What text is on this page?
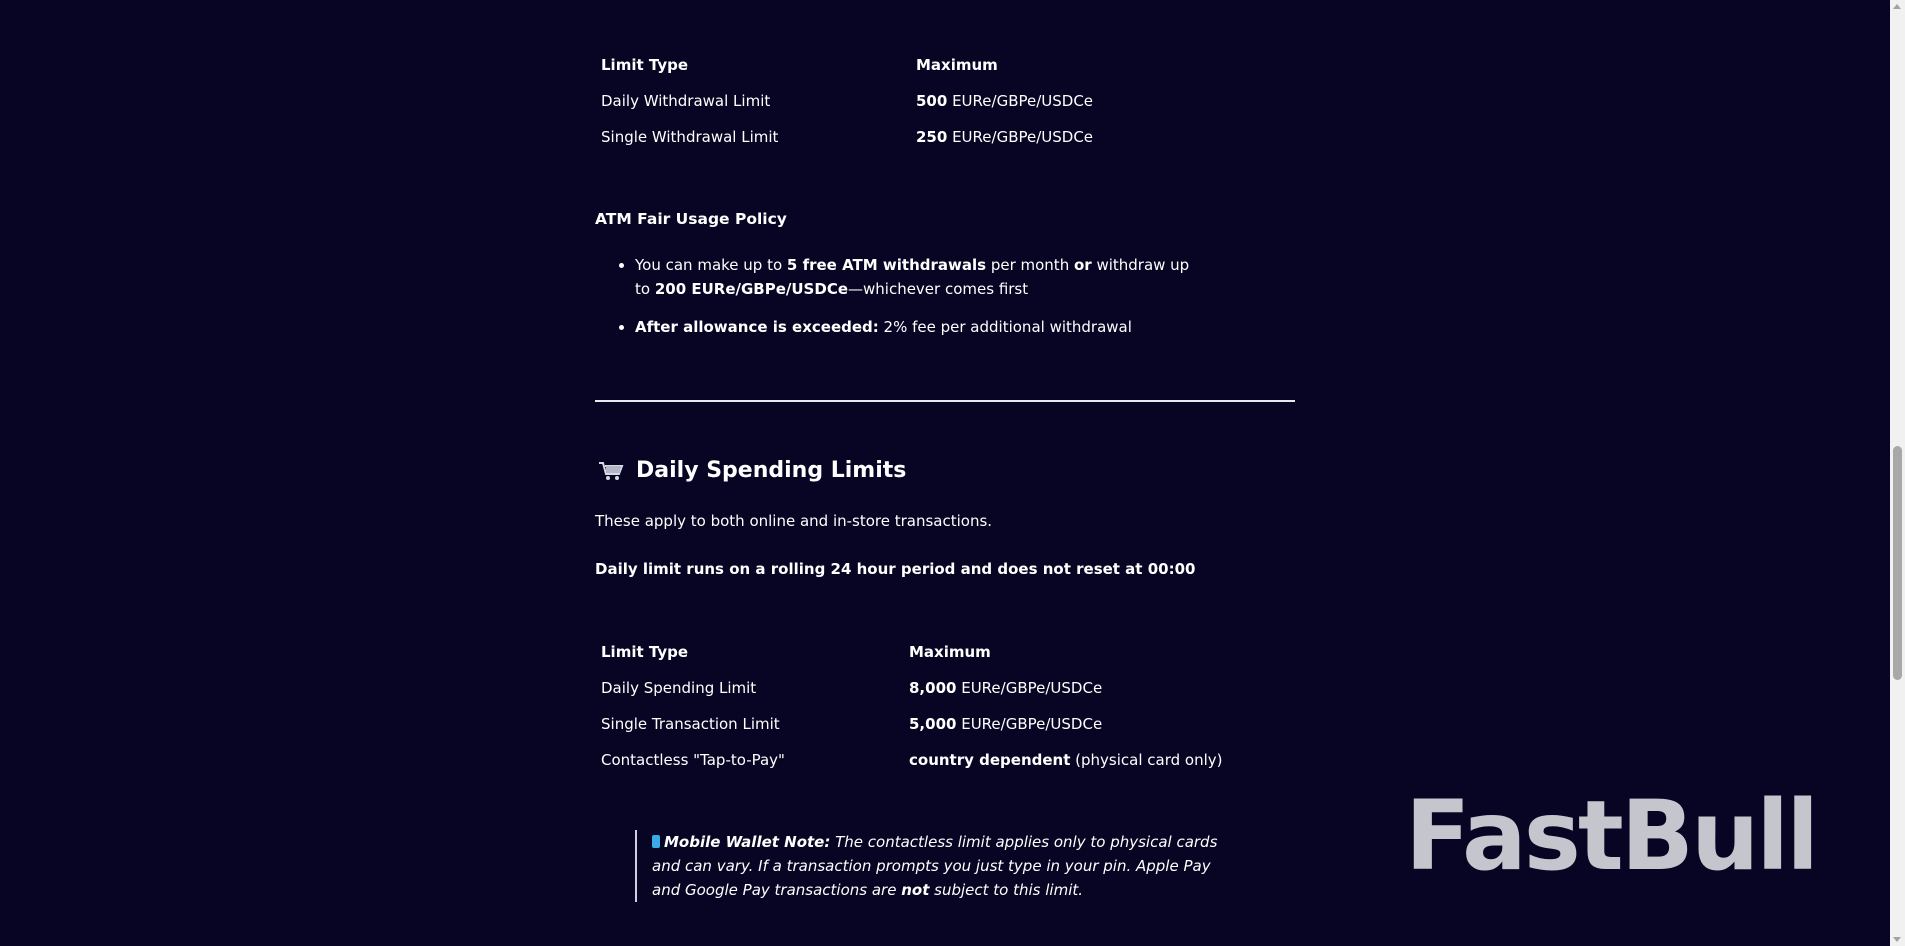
Limit Type	Maximum
Daily Withdrawal Limit	500 EURe/GBPe/USDCe
Single Withdrawal Limit	250 EURe/GBPe/USDCe
ATM Fair Usage Policy
• You can make up to 5 free ATM withdrawals per month or withdraw up to 200 EURe/GBPe/USDCe—whichever comes first
• After allowance is exceeded: 2% fee per additional withdrawal
Daily Spending Limits
These apply to both online and in-store transactions.
Daily limit runs on a rolling 24 hour period and does not reset at 00:00
Limit Type	Maximum
Daily Spending Limit	8,000 EURe/GBPe/USDCe
Single Transaction Limit	5,000 EURe/GBPe/USDCe
Contactless "Tap-to-Pay"	country dependent (physical card only)
Mobile Wallet Note: The contactless limit applies only to physical cards and can vary. If a transaction prompts you just type in your pin. Apple Pay and Google Pay transactions are not subject to this limit.	FastBull
